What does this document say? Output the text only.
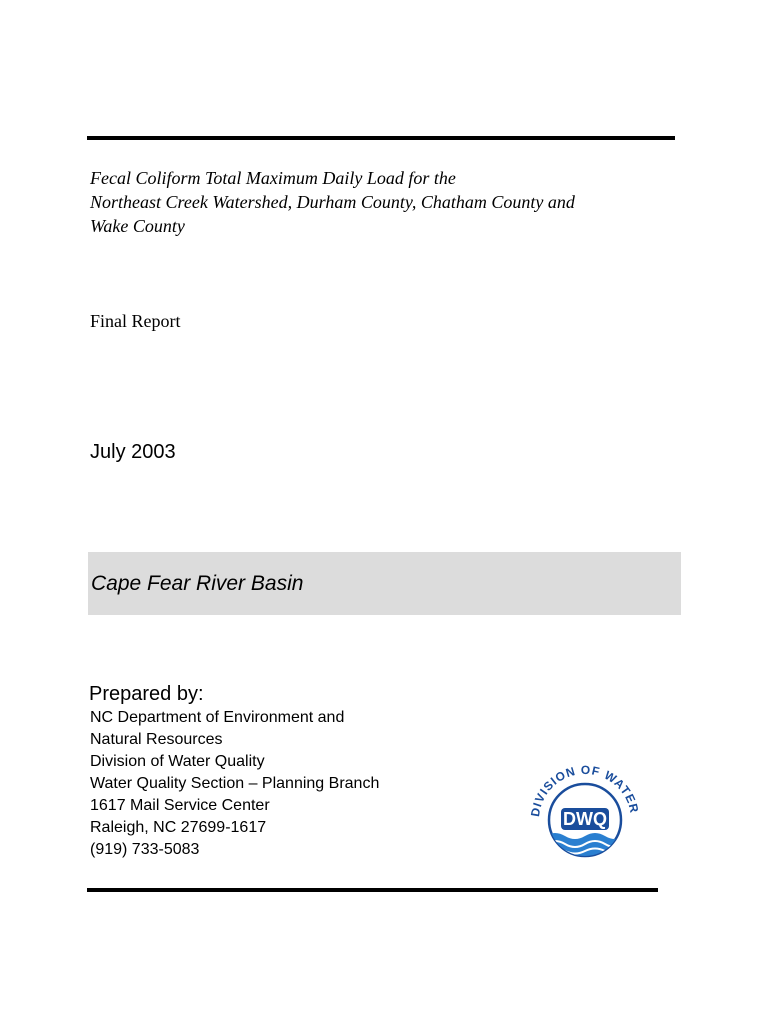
Fecal Coliform Total Maximum Daily Load for the
Northeast Creek Watershed, Durham County, Chatham County and
Wake County
Final Report
July 2003
Cape Fear River Basin
Prepared by:
NC Department of Environment and
Natural Resources
Division of Water Quality
Water Quality Section – Planning Branch
1617 Mail Service Center
Raleigh, NC 27699-1617
(919) 733-5083
DIVISION OF WATER
DWQ
